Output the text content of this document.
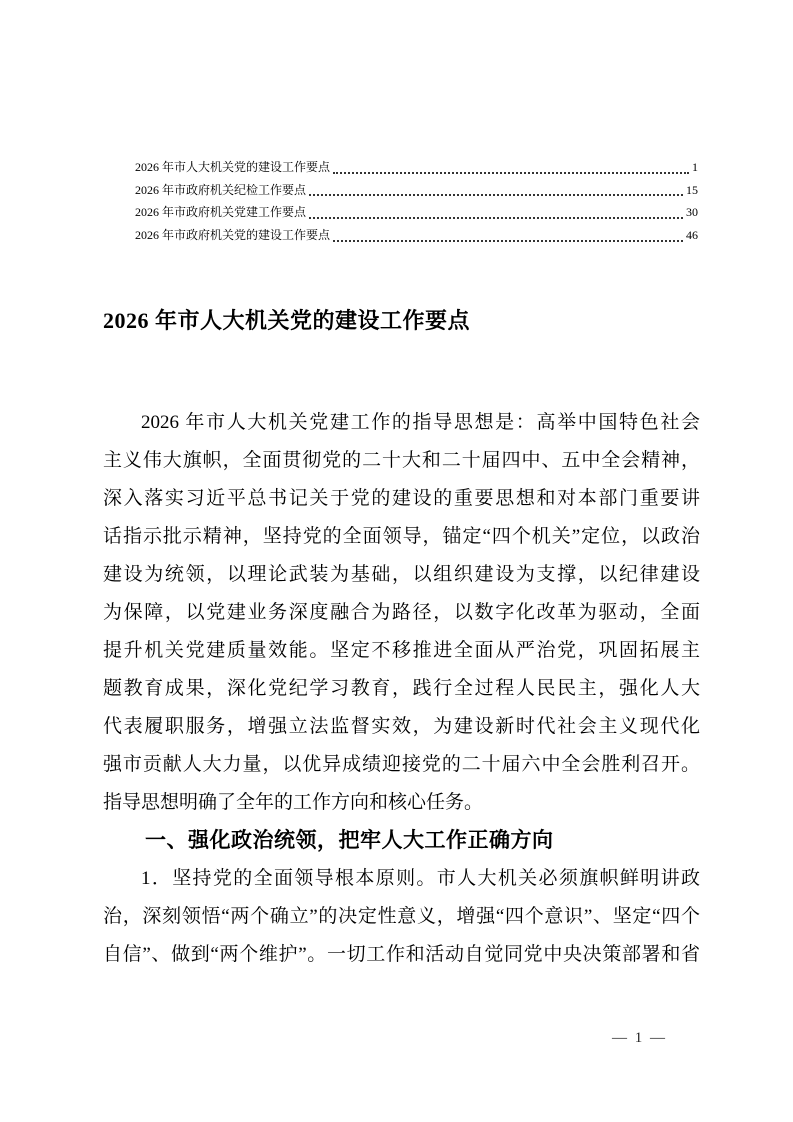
2026 年市人大机关党的建设工作要点	1
2026 年市政府机关纪检工作要点	15
2026 年市政府机关党建工作要点	30
2026 年市政府机关党的建设工作要点	46
2026 年市人大机关党的建设工作要点
2026 年市人大机关党建工作的指导思想是：高举中国特色社会
主义伟大旗帜，全面贯彻党的二十大和二十届四中、五中全会精神，
深入落实习近平总书记关于党的建设的重要思想和对本部门重要讲
话指示批示精神，坚持党的全面领导，锚定“四个机关”定位，以政治
建设为统领，以理论武装为基础，以组织建设为支撑，以纪律建设
为保障，以党建业务深度融合为路径，以数字化改革为驱动，全面
提升机关党建质量效能。坚定不移推进全面从严治党，巩固拓展主
题教育成果，深化党纪学习教育，践行全过程人民民主，强化人大
代表履职服务，增强立法监督实效，为建设新时代社会主义现代化
强市贡献人大力量，以优异成绩迎接党的二十届六中全会胜利召开。
指导思想明确了全年的工作方向和核心任务。
一、强化政治统领，把牢人大工作正确方向
1．坚持党的全面领导根本原则。市人大机关必须旗帜鲜明讲政
治，深刻领悟“两个确立”的决定性意义，增强“四个意识”、坚定“四个
自信”、做到“两个维护”。一切工作和活动自觉同党中央决策部署和省
— 1 —
